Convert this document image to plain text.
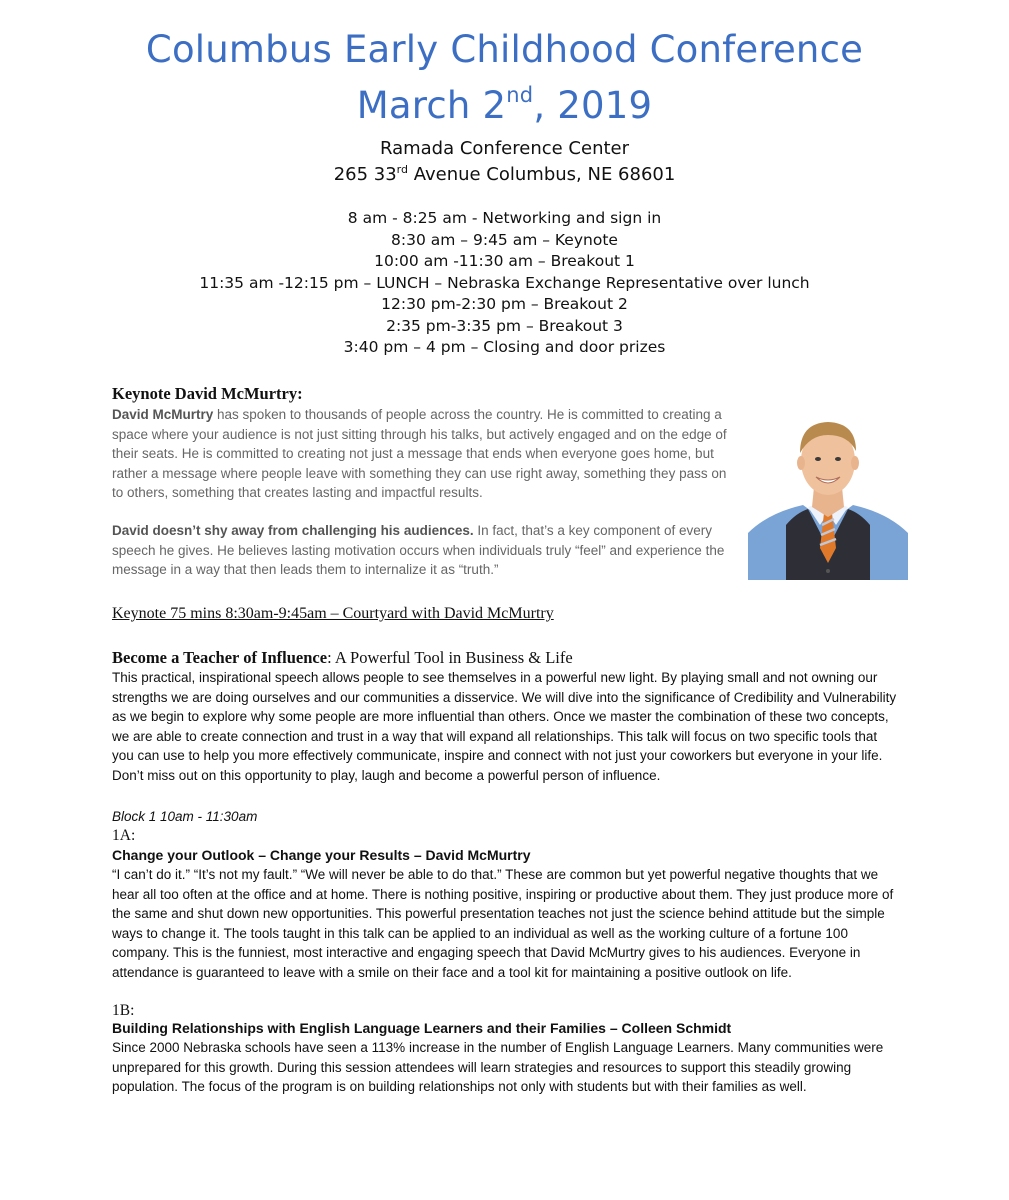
Columbus Early Childhood Conference
March 2nd, 2019
Ramada Conference Center
265 33rd Avenue Columbus, NE 68601
8 am - 8:25 am - Networking and sign in
8:30 am – 9:45 am – Keynote
10:00 am -11:30 am – Breakout 1
11:35 am -12:15 pm – LUNCH – Nebraska Exchange Representative over lunch
12:30 pm-2:30 pm – Breakout 2
2:35 pm-3:35 pm – Breakout 3
3:40 pm – 4 pm – Closing and door prizes
Keynote David McMurtry:
David McMurtry has spoken to thousands of people across the country. He is committed to creating a space where your audience is not just sitting through his talks, but actively engaged and on the edge of their seats. He is committed to creating not just a message that ends when everyone goes home, but rather a message where people leave with something they can use right away, something they pass on to others, something that creates lasting and impactful results.
David doesn’t shy away from challenging his audiences. In fact, that’s a key component of every speech he gives. He believes lasting motivation occurs when individuals truly “feel” and experience the message in a way that then leads them to internalize it as “truth.”
Keynote 75 mins 8:30am-9:45am – Courtyard with David McMurtry
Become a Teacher of Influence: A Powerful Tool in Business & Life
This practical, inspirational speech allows people to see themselves in a powerful new light. By playing small and not owning our strengths we are doing ourselves and our communities a disservice. We will dive into the significance of Credibility and Vulnerability as we begin to explore why some people are more influential than others. Once we master the combination of these two concepts, we are able to create connection and trust in a way that will expand all relationships. This talk will focus on two specific tools that you can use to help you more effectively communicate, inspire and connect with not just your coworkers but everyone in your life. Don’t miss out on this opportunity to play, laugh and become a powerful person of influence.
Block 1 10am - 11:30am
1A:
Change your Outlook – Change your Results – David McMurtry
“I can’t do it.” “It’s not my fault.” “We will never be able to do that.” These are common but yet powerful negative thoughts that we hear all too often at the office and at home. There is nothing positive, inspiring or productive about them. They just produce more of the same and shut down new opportunities. This powerful presentation teaches not just the science behind attitude but the simple ways to change it. The tools taught in this talk can be applied to an individual as well as the working culture of a fortune 100 company. This is the funniest, most interactive and engaging speech that David McMurtry gives to his audiences. Everyone in attendance is guaranteed to leave with a smile on their face and a tool kit for maintaining a positive outlook on life.
1B:
Building Relationships with English Language Learners and their Families – Colleen Schmidt
Since 2000 Nebraska schools have seen a 113% increase in the number of English Language Learners. Many communities were unprepared for this growth. During this session attendees will learn strategies and resources to support this steadily growing population. The focus of the program is on building relationships not only with students but with their families as well.
